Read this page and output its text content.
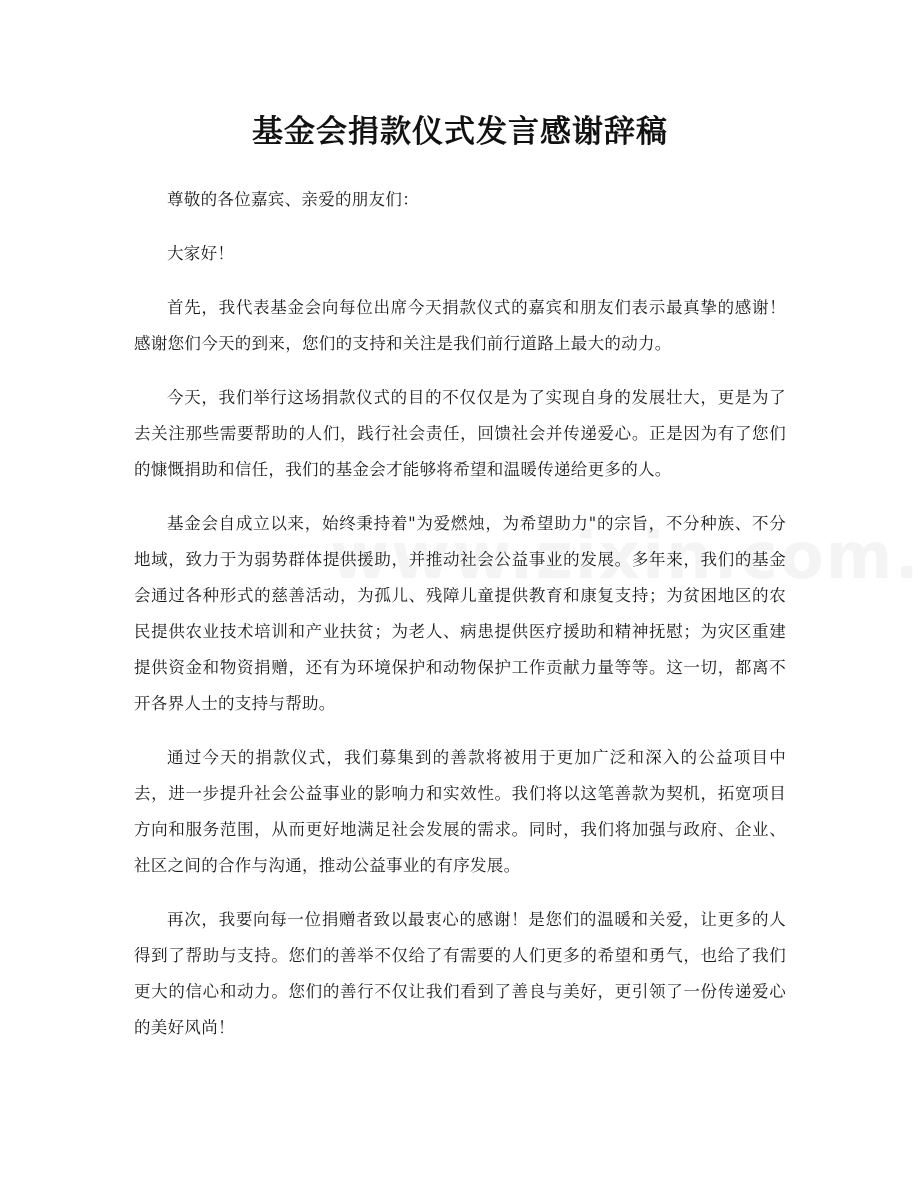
基金会捐款仪式发言感谢辞稿

尊敬的各位嘉宾、亲爱的朋友们：

大家好！

首先，我代表基金会向每位出席今天捐款仪式的嘉宾和朋友们表示最真挚的感谢！感谢您们今天的到来，您们的支持和关注是我们前行道路上最大的动力。

今天，我们举行这场捐款仪式的目的不仅仅是为了实现自身的发展壮大，更是为了去关注那些需要帮助的人们，践行社会责任，回馈社会并传递爱心。正是因为有了您们的慷慨捐助和信任，我们的基金会才能够将希望和温暖传递给更多的人。

基金会自成立以来，始终秉持着"为爱燃烛，为希望助力"的宗旨，不分种族、不分地域，致力于为弱势群体提供援助，并推动社会公益事业的发展。多年来，我们的基金会通过各种形式的慈善活动，为孤儿、残障儿童提供教育和康复支持；为贫困地区的农民提供农业技术培训和产业扶贫；为老人、病患提供医疗援助和精神抚慰；为灾区重建提供资金和物资捐赠，还有为环境保护和动物保护工作贡献力量等等。这一切，都离不开各界人士的支持与帮助。

通过今天的捐款仪式，我们募集到的善款将被用于更加广泛和深入的公益项目中去，进一步提升社会公益事业的影响力和实效性。我们将以这笔善款为契机，拓宽项目方向和服务范围，从而更好地满足社会发展的需求。同时，我们将加强与政府、企业、社区之间的合作与沟通，推动公益事业的有序发展。

再次，我要向每一位捐赠者致以最衷心的感谢！是您们的温暖和关爱，让更多的人得到了帮助与支持。您们的善举不仅给了有需要的人们更多的希望和勇气，也给了我们更大的信心和动力。您们的善行不仅让我们看到了善良与美好，更引领了一份传递爱心的美好风尚！
